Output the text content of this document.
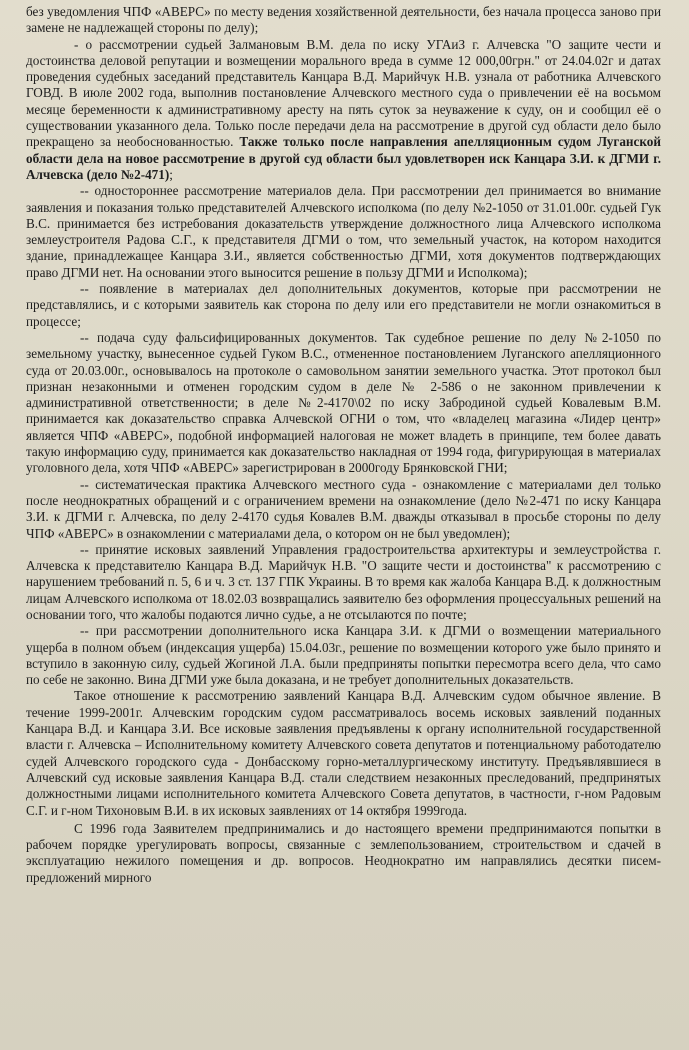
без уведомления ЧПФ «АВЕРС» по месту ведения хозяйственной деятельности, без начала процесса заново при замене не надлежащей стороны по делу);

- о рассмотрении судьей Залмановым В.М. дела по иску УГАиЗ г. Алчевска "О защите чести и достоинства деловой репутации и возмещении морального вреда в сумме 12 000,00грн." от 24.04.02г и датах проведения судебных заседаний представитель Канцара В.Д. Марийчук Н.В. узнала от работника Алчевского ГОВД. В июле 2002 года, выполнив постановление Алчевского местного суда о привлечении её на восьмом месяце беременности к административному аресту на пять суток за неуважение к суду, он и сообщил её о существовании указанного дела. Только после передачи дела на рассмотрение в другой суд области дело было прекращено за необоснованностью. Также только после направления апелляционным судом Луганской области дела на новое рассмотрение в другой суд области был удовлетворен иск Канцара З.И. к ДГМИ г. Алчевска (дело №2-471);

-- одностороннее рассмотрение материалов дела. При рассмотрении дел принимается во внимание заявления и показания только представителей Алчевского исполкома (по делу №2-1050 от 31.01.00г. судьей Гук В.С. принимается без истребования доказательств утверждение должностного лица Алчевского исполкома землеустроителя Радова С.Г., к представителя ДГМИ о том, что земельный участок, на котором находится здание, принадлежащее Канцара З.И., является собственностью ДГМИ, хотя документов подтверждающих право ДГМИ нет. На основании этого выносится решение в пользу ДГМИ и Исполкома);

-- появление в материалах дел дополнительных документов, которые при рассмотрении не представлялись, и с которыми заявитель как сторона по делу или его представители не могли ознакомиться в процессе;

-- подача суду фальсифицированных документов. Так судебное решение по делу №2-1050 по земельному участку, вынесенное судьей Гуком В.С., отмененное постановлением Луганского апелляционного суда от 20.03.00г., основывалось на протоколе о самовольном занятии земельного участка. Этот протокол был признан незаконными и отменен городским судом в деле № 2-586 о не законном привлечении к административной ответственности; в деле №2-4170\02 по иску Забродиной судьей Ковалевым В.М. принимается как доказательство справка Алчевской ОГНИ о том, что «владелец магазина «Лидер центр» является ЧПФ «АВЕРС», подобной информацией налоговая не может владеть в принципе, тем более давать такую информацию суду, принимается как доказательство накладная от 1994 года, фигурирующая в материалах уголовного дела, хотя ЧПФ «АВЕРС» зарегистрирован в 2000году Брянковской ГНИ;

-- систематическая практика Алчевского местного суда - ознакомление с материалами дел только после неоднократных обращений и с ограничением времени на ознакомление (дело №2-471 по иску Канцара З.И. к ДГМИ г. Алчевска, по делу 2-4170 судья Ковалев В.М. дважды отказывал в просьбе стороны по делу ЧПФ «АВЕРС» в ознакомлении с материалами дела, о котором он не был уведомлен);

-- принятие исковых заявлений Управления градостроительства архитектуры и землеустройства г. Алчевска к представителю Канцара В.Д. Марийчук Н.В. "О защите чести и достоинства" к рассмотрению с нарушением требований п. 5, 6 и ч. 3 ст. 137 ГПК Украины. В то время как жалоба Канцара В.Д. к должностным лицам Алчевского исполкома от 18.02.03 возвращались заявителю без оформления процессуальных решений на основании того, что жалобы подаются лично судье, а не отсылаются по почте;

-- при рассмотрении дополнительного иска Канцара З.И. к ДГМИ о возмещении материального ущерба в полном объем (индексация ущерба) 15.04.03г., решение по возмещении которого уже было принято и вступило в законную силу, судьей Жогиной Л.А. были предприняты попытки пересмотра всего дела, что само по себе не законно. Вина ДГМИ уже была доказана, и не требует дополнительных доказательств.

Такое отношение к рассмотрению заявлений Канцара В.Д. Алчевским судом обычное явление. В течение 1999-2001г. Алчевским городским судом рассматривалось восемь исковых заявлений поданных Канцара В.Д. и Канцара З.И. Все исковые заявления предъявлены к органу исполнительной государственной власти г. Алчевска – Исполнительному комитету Алчевского совета депутатов и потенциальному работодателю судей Алчевского городского суда - Донбасскому горно-металлургическому институту. Предъявлявшиеся в Алчевский суд исковые заявления Канцара В.Д. стали следствием незаконных преследований, предпринятых должностными лицами исполнительного комитета Алчевского Совета депутатов, в частности, г-ном Радовым С.Г. и г-ном Тихоновым В.И. в их исковых заявлениях от 14 октября 1999года.

С 1996 года Заявителем предпринимались и до настоящего времени предпринимаются попытки в рабочем порядке урегулировать вопросы, связанные с землепользованием, строительством и сдачей в эксплуатацию нежилого помещения и др. вопросов. Неоднократно им направлялись десятки писем-предложений мирного
